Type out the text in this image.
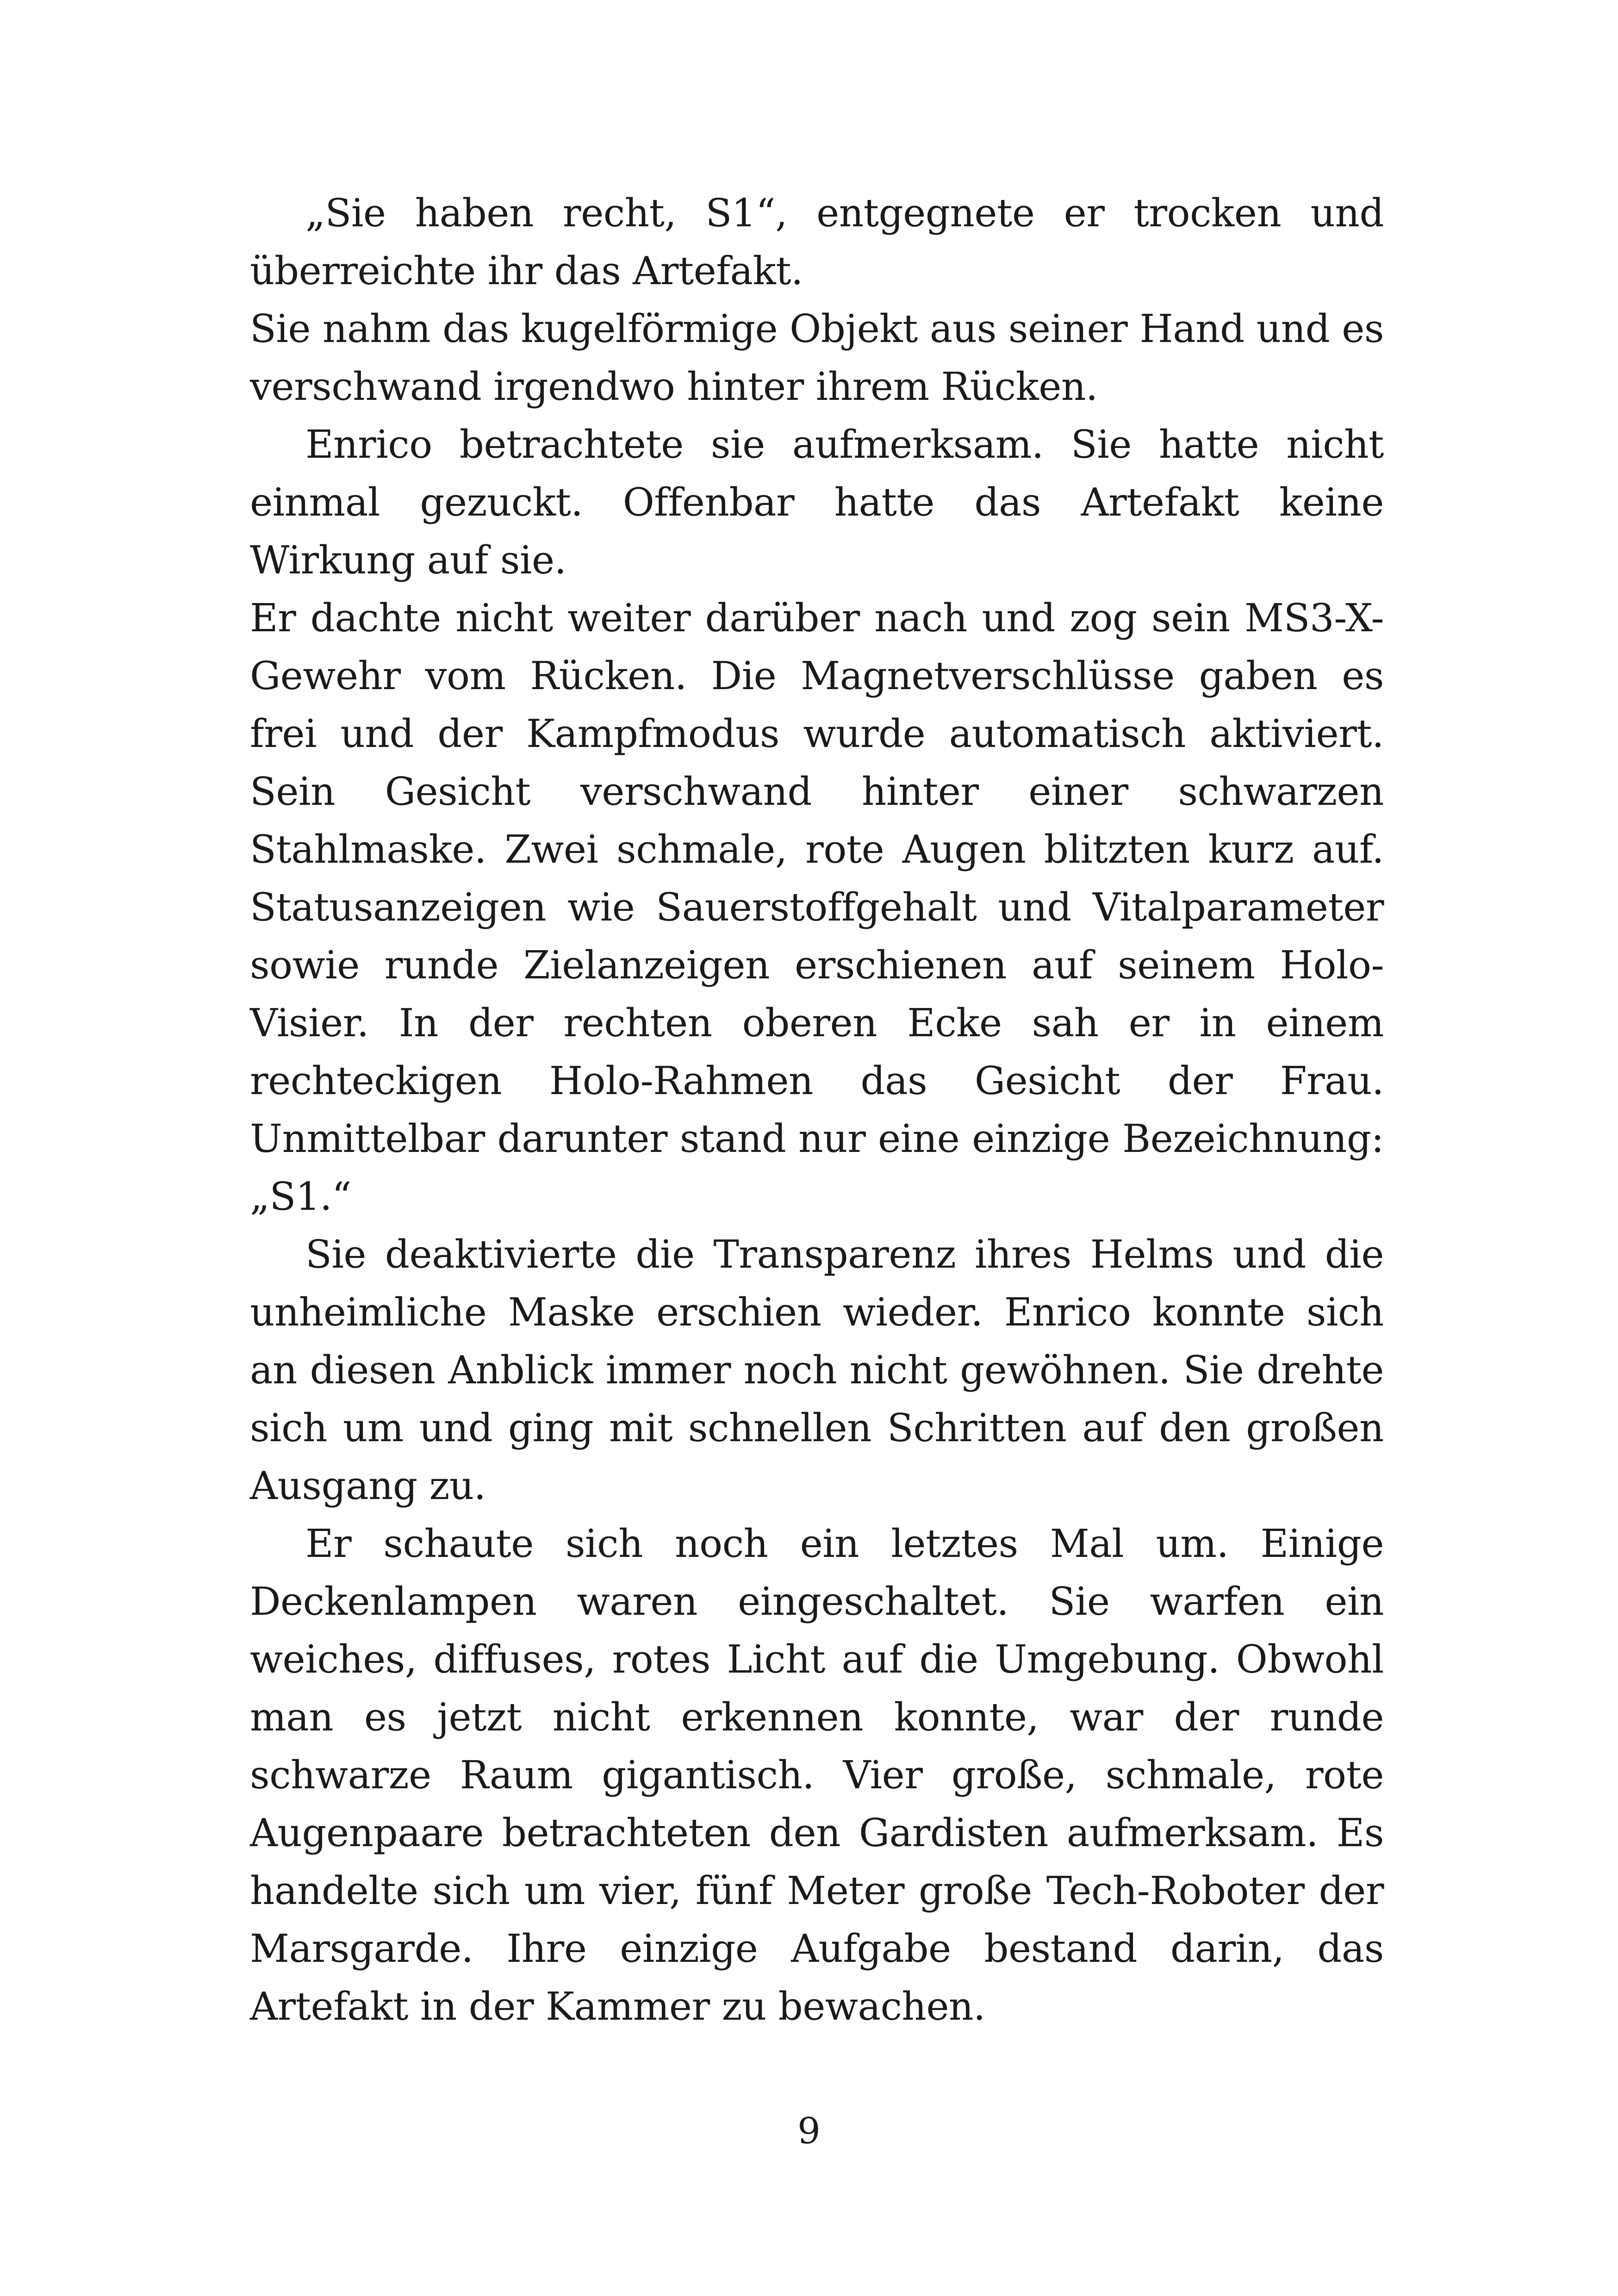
„Sie haben recht, S1“, entgegnete er trocken und überreichte ihr das Artefakt.

Sie nahm das kugelförmige Objekt aus seiner Hand und es verschwand irgendwo hinter ihrem Rücken.

Enrico betrachtete sie aufmerksam. Sie hatte nicht einmal gezuckt. Offenbar hatte das Artefakt keine Wirkung auf sie.

Er dachte nicht weiter darüber nach und zog sein MS3-X-Gewehr vom Rücken. Die Magnetverschlüsse gaben es frei und der Kampfmodus wurde automatisch aktiviert. Sein Gesicht verschwand hinter einer schwarzen Stahlmaske. Zwei schmale, rote Augen blitzten kurz auf. Statusanzeigen wie Sauerstoffgehalt und Vitalparameter sowie runde Zielanzeigen erschienen auf seinem Holo-Visier. In der rechten oberen Ecke sah er in einem rechteckigen Holo-Rahmen das Gesicht der Frau. Unmittelbar darunter stand nur eine einzige Bezeichnung: „S1.“

Sie deaktivierte die Transparenz ihres Helms und die unheimliche Maske erschien wieder. Enrico konnte sich an diesen Anblick immer noch nicht gewöhnen. Sie drehte sich um und ging mit schnellen Schritten auf den großen Ausgang zu.

Er schaute sich noch ein letztes Mal um. Einige Deckenlampen waren eingeschaltet. Sie warfen ein weiches, diffuses, rotes Licht auf die Umgebung. Obwohl man es jetzt nicht erkennen konnte, war der runde schwarze Raum gigantisch. Vier große, schmale, rote Augenpaare betrachteten den Gardisten aufmerksam. Es handelte sich um vier, fünf Meter große Tech-Roboter der Marsgarde. Ihre einzige Aufgabe bestand darin, das Artefakt in der Kammer zu bewachen.

9
